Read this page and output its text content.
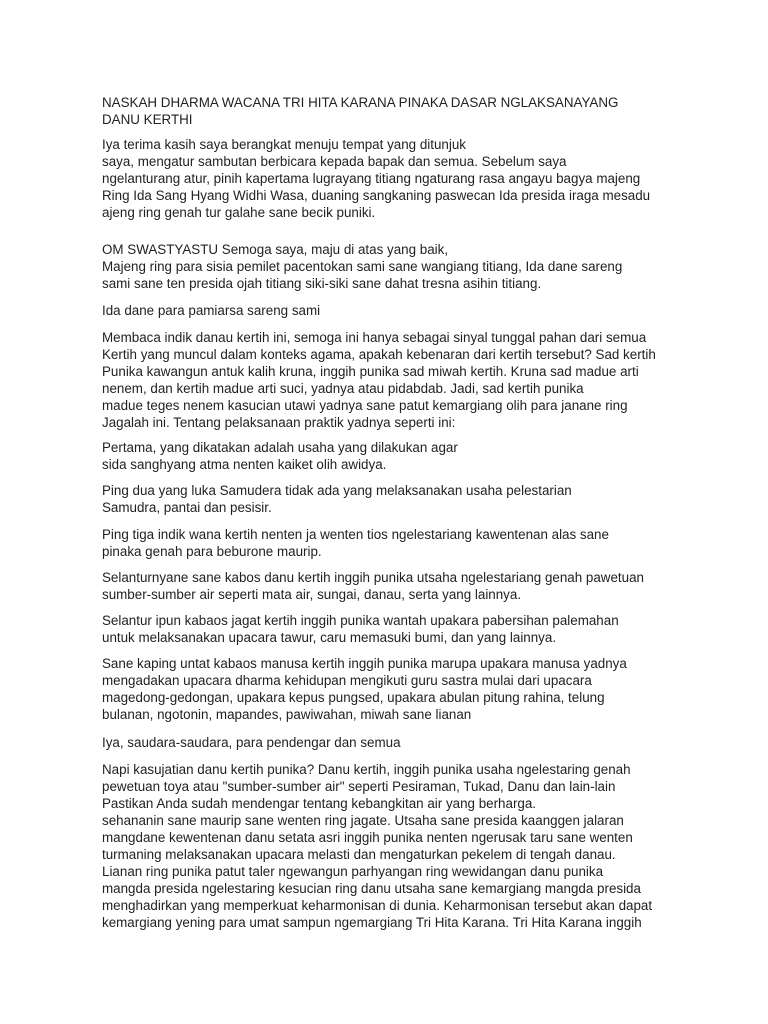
NASKAH DHARMA WACANA TRI HITA KARANA PINAKA DASAR NGLAKSANAYANG
DANU KERTHI
Iya terima kasih saya berangkat menuju tempat yang ditunjuk
saya, mengatur sambutan berbicara kepada bapak dan semua. Sebelum saya
ngelanturang atur, pinih kapertama lugrayang titiang ngaturang rasa angayu bagya majeng
Ring Ida Sang Hyang Widhi Wasa, duaning sangkaning paswecan Ida presida iraga mesadu
ajeng ring genah tur galahe sane becik puniki.
OM SWASTYASTU Semoga saya, maju di atas yang baik,
Majeng ring para sisia pemilet pacentokan sami sane wangiang titiang, Ida dane sareng
sami sane ten presida ojah titiang siki-siki sane dahat tresna asihin titiang.
Ida dane para pamiarsa sareng sami
Membaca indik danau kertih ini, semoga ini hanya sebagai sinyal tunggal pahan dari semua
Kertih yang muncul dalam konteks agama, apakah kebenaran dari kertih tersebut? Sad kertih
Punika kawangun antuk kalih kruna, inggih punika sad miwah kertih. Kruna sad madue arti
nenem, dan kertih madue arti suci, yadnya atau pidabdab. Jadi, sad kertih punika
madue teges nenem kasucian utawi yadnya sane patut kemargiang olih para janane ring
Jagalah ini. Tentang pelaksanaan praktik yadnya seperti ini:
Pertama, yang dikatakan adalah usaha yang dilakukan agar
sida sanghyang atma nenten kaiket olih awidya.
Ping dua yang luka Samudera tidak ada yang melaksanakan usaha pelestarian
Samudra, pantai dan pesisir.
Ping tiga indik wana kertih nenten ja wenten tios ngelestariang kawentenan alas sane
pinaka genah para beburone maurip.
Selanturnyane sane kabos danu kertih inggih punika utsaha ngelestariang genah pawetuan
sumber-sumber air seperti mata air, sungai, danau, serta yang lainnya.
Selantur ipun kabaos jagat kertih inggih punika wantah upakara pabersihan palemahan
untuk melaksanakan upacara tawur, caru memasuki bumi, dan yang lainnya.
Sane kaping untat kabaos manusa kertih inggih punika marupa upakara manusa yadnya
mengadakan upacara dharma kehidupan mengikuti guru sastra mulai dari upacara
magedong-gedongan, upakara kepus pungsed, upakara abulan pitung rahina, telung
bulanan, ngotonin, mapandes, pawiwahan, miwah sane lianan
Iya, saudara-saudara, para pendengar dan semua
Napi kasujatian danu kertih punika? Danu kertih, inggih punika usaha ngelestaring genah
pewetuan toya atau "sumber-sumber air" seperti Pesiraman, Tukad, Danu dan lain-lain
Pastikan Anda sudah mendengar tentang kebangkitan air yang berharga.
sehananin sane maurip sane wenten ring jagate. Utsaha sane presida kaanggen jalaran
mangdane kewentenan danu setata asri inggih punika nenten ngerusak taru sane wenten
turmaning melaksanakan upacara melasti dan mengaturkan pekelem di tengah danau.
Lianan ring punika patut taler ngewangun parhyangan ring wewidangan danu punika
mangda presida ngelestaring kesucian ring danu utsaha sane kemargiang mangda presida
menghadirkan yang memperkuat keharmonisan di dunia. Keharmonisan tersebut akan dapat
kemargiang yening para umat sampun ngemargiang Tri Hita Karana. Tri Hita Karana inggih
